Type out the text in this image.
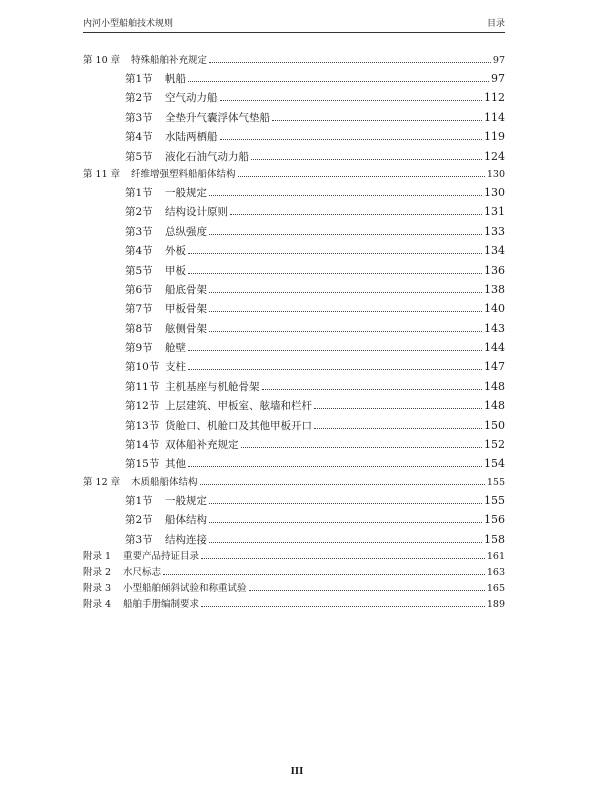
内河小型船舶技术规则	目录
第 10 章	特殊船舶补充规定	97
第1节	帆船	97
第2节	空气动力船	112
第3节	全垫升气囊浮体气垫船	114
第4节	水陆两栖船	119
第5节	液化石油气动力船	124
第 11 章	纤维增强塑料船船体结构	130
第1节	一般规定	130
第2节	结构设计原则	131
第3节	总纵强度	133
第4节	外板	134
第5节	甲板	136
第6节	船底骨架	138
第7节	甲板骨架	140
第8节	舷侧骨架	143
第9节	舱壁	144
第10节 支柱	147
第11节 主机基座与机舱骨架	148
第12节 上层建筑、甲板室、舷墙和栏杆	148
第13节 货舱口、机舱口及其他甲板开口	150
第14节 双体船补充规定	152
第15节 其他	154
第 12 章	木质船船体结构	155
第1节	一般规定	155
第2节	船体结构	156
第3节	结构连接	158
附录 1	重要产品持证目录	161
附录 2	水尺标志	163
附录 3	小型船舶倾斜试验和称重试验	165
附录 4	船舶手册编制要求	189
III
